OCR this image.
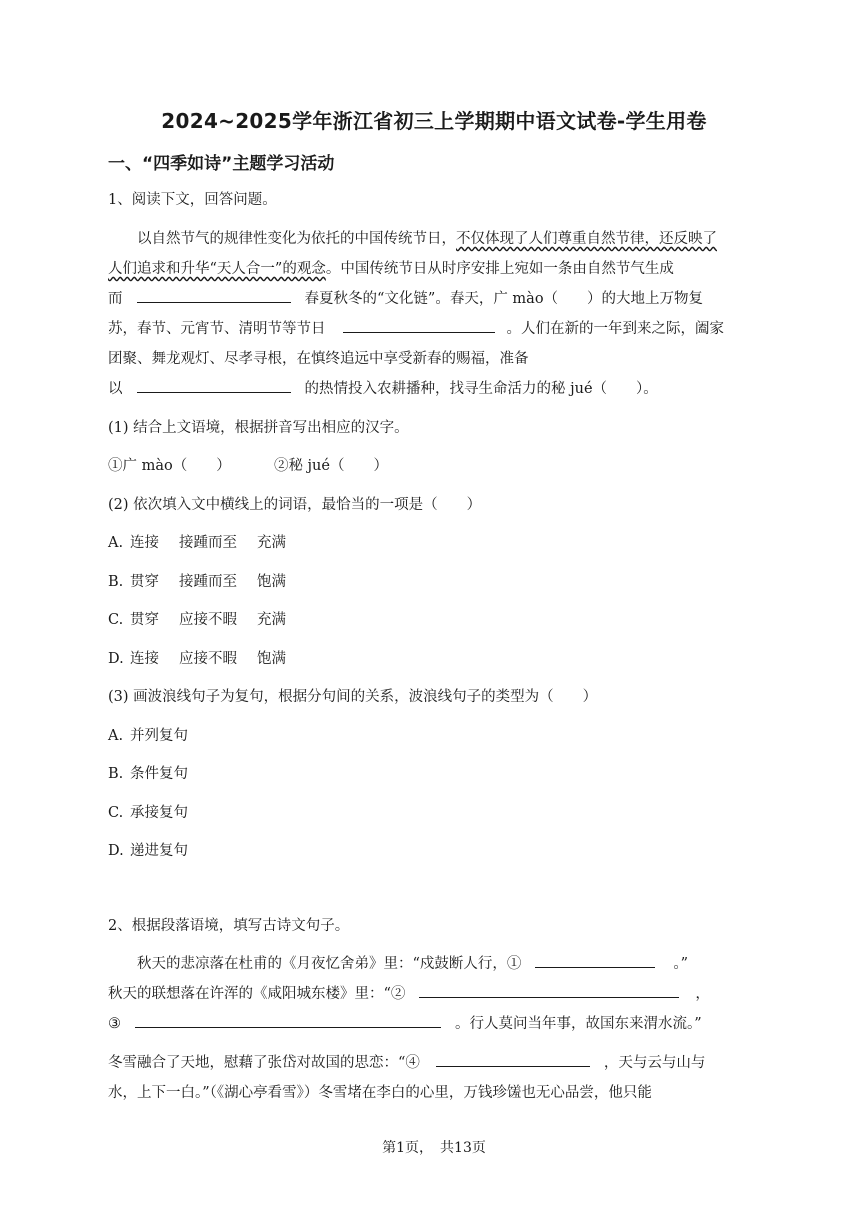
2024~2025学年浙江省初三上学期期中语文试卷-学生用卷
一、“四季如诗”主题学习活动
1、阅读下文，回答问题。
以自然节气的规律性变化为依托的中国传统节日，不仅体现了人们尊重自然节律，还反映了
人们追求和升华“天人合一”的观念。中国传统节日从时序安排上宛如一条由自然节气生成
而	春夏秋冬的“文化链”。春天，广 mào（　　）的大地上万物复
苏，春节、元宵节、清明节等节日	。人们在新的一年到来之际，阖家
团聚、舞龙观灯、尽孝寻根，在慎终追远中享受新春的赐福，准备
以	的热情投入农耕播种，找寻生命活力的秘 jué（　　）。
(1) 结合上文语境，根据拼音写出相应的汉字。
①广 mào（　　）	②秘 jué（　　）
(2) 依次填入文中横线上的词语，最恰当的一项是（　　）
A. 连接 接踵而至 充满
B. 贯穿 接踵而至 饱满
C. 贯穿 应接不暇 充满
D. 连接 应接不暇 饱满
(3) 画波浪线句子为复句，根据分句间的关系，波浪线句子的类型为（　　）
A. 并列复句
B. 条件复句
C. 承接复句
D. 递进复句
2、根据段落语境，填写古诗文句子。
秋天的悲凉落在杜甫的《月夜忆舍弟》里：“戍鼓断人行，①	。”
秋天的联想落在许浑的《咸阳城东楼》里：“②	，
③	。行人莫问当年事，故国东来渭水流。”
冬雪融合了天地，慰藉了张岱对故国的思恋：“④	，天与云与山与
水，上下一白。”（《湖心亭看雪》）冬雪堵在李白的心里，万钱珍馐也无心品尝，他只能
第1页，　共13页
